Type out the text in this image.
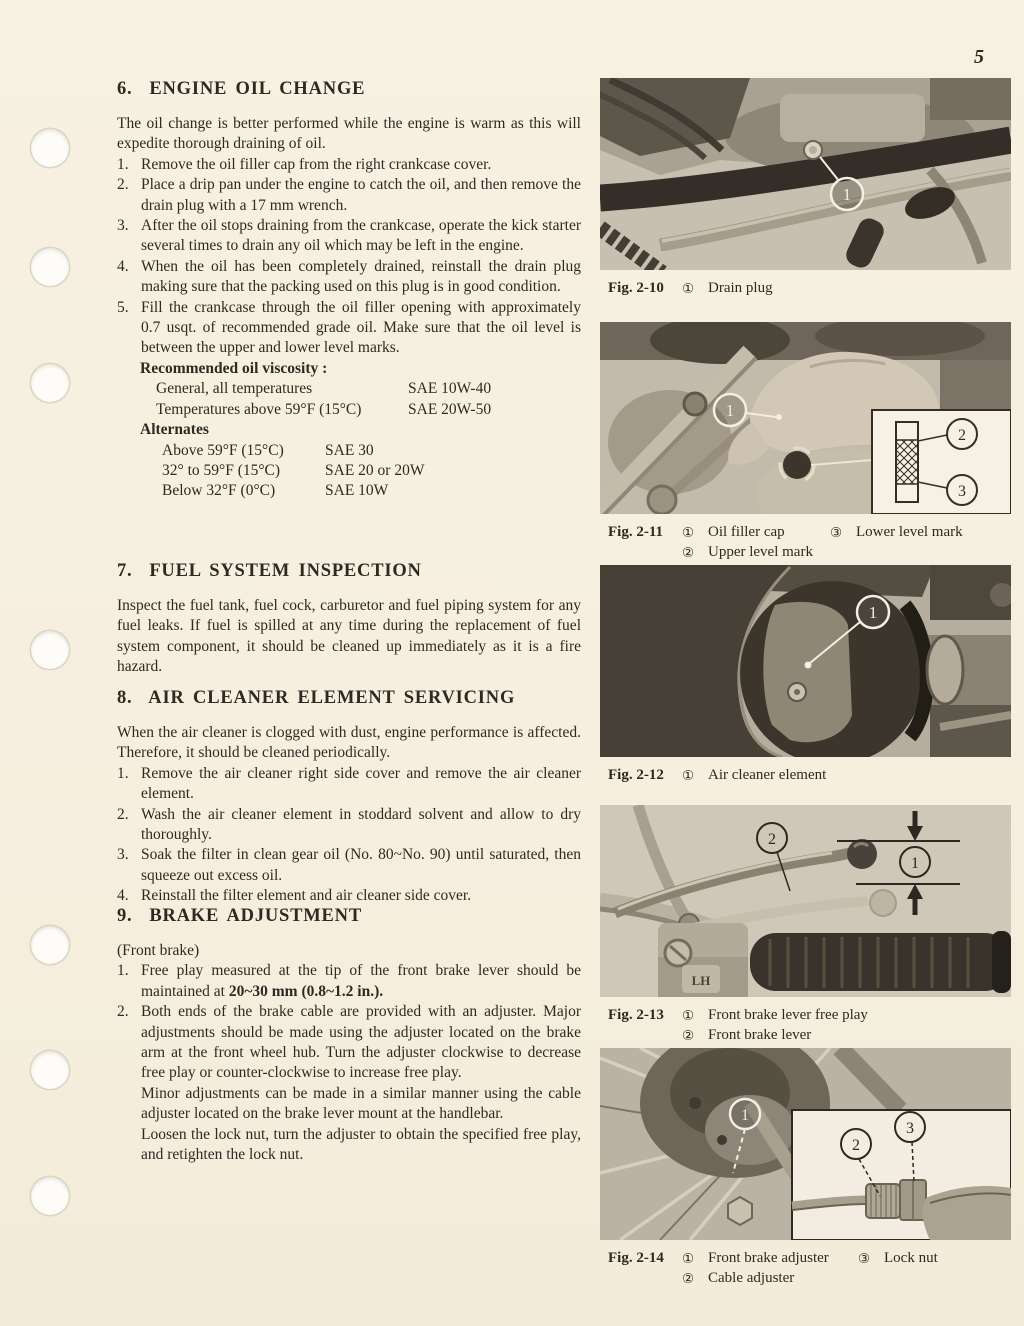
5
6.  ENGINE OIL CHANGE

The oil change is better performed while the engine is warm as this will expedite thorough draining of oil.

1. Remove the oil filler cap from the right crankcase cover.
2. Place a drip pan under the engine to catch the oil, and then remove the drain plug with a 17 mm wrench.
3. After the oil stops draining from the crankcase, operate the kick starter several times to drain any oil which may be left in the engine.
4. When the oil has been completely drained, reinstall the drain plug making sure that the packing used on this plug is in good condition.
5. Fill the crankcase through the oil filler opening with approximately 0.7 usqt. of recommended grade oil. Make sure that the oil level is between the upper and lower level marks.
Recommended oil viscosity :
General, all temperatures	SAE 10W-40
Temperatures above 59°F (15°C)	SAE 20W-50
Alternates
Above 59°F (15°C)	SAE 30
32° to 59°F (15°C)	SAE 20 or 20W
Below 32°F (0°C)	SAE 10W
7.  FUEL SYSTEM INSPECTION

Inspect the fuel tank, fuel cock, carburetor and fuel piping system for any fuel leaks. If fuel is spilled at any time during the replacement of fuel system component, it should be cleaned up immediately as it is a fire hazard.

8.  AIR CLEANER ELEMENT SERVICING

When the air cleaner is clogged with dust, engine performance is affected. Therefore, it should be cleaned periodically.

1. Remove the air cleaner right side cover and remove the air cleaner element.
2. Wash the air cleaner element in stoddard solvent and allow to dry thoroughly.
3. Soak the filter in clean gear oil (No. 80~No. 90) until saturated, then squeeze out excess oil.
4. Reinstall the filter element and air cleaner side cover.
9.  BRAKE ADJUSTMENT

(Front brake)

1. Free play measured at the tip of the front brake lever should be maintained at 20~30 mm (0.8~1.2 in.).
2. Both ends of the brake cable are provided with an adjuster. Major adjustments should be made using the adjuster located on the brake arm at the front wheel hub. Turn the adjuster clockwise to decrease free play or counter-clockwise to increase free play.

Minor adjustments can be made in a similar manner using the cable adjuster located on the brake lever mount at the handlebar.

Loosen the lock nut, turn the adjuster to obtain the specified free play, and retighten the lock nut.

1
Fig. 2-10	① Drain plug
1
2
3
Fig. 2-11	① Oil filler cap
② Upper level mark
③ Lower level mark
1
Fig. 2-12	① Air cleaner element
LH
1
2
Fig. 2-13	① Front brake lever free play
② Front brake lever
1
2
3
Fig. 2-14	① Front brake adjuster
② Cable adjuster
③ Lock nut
